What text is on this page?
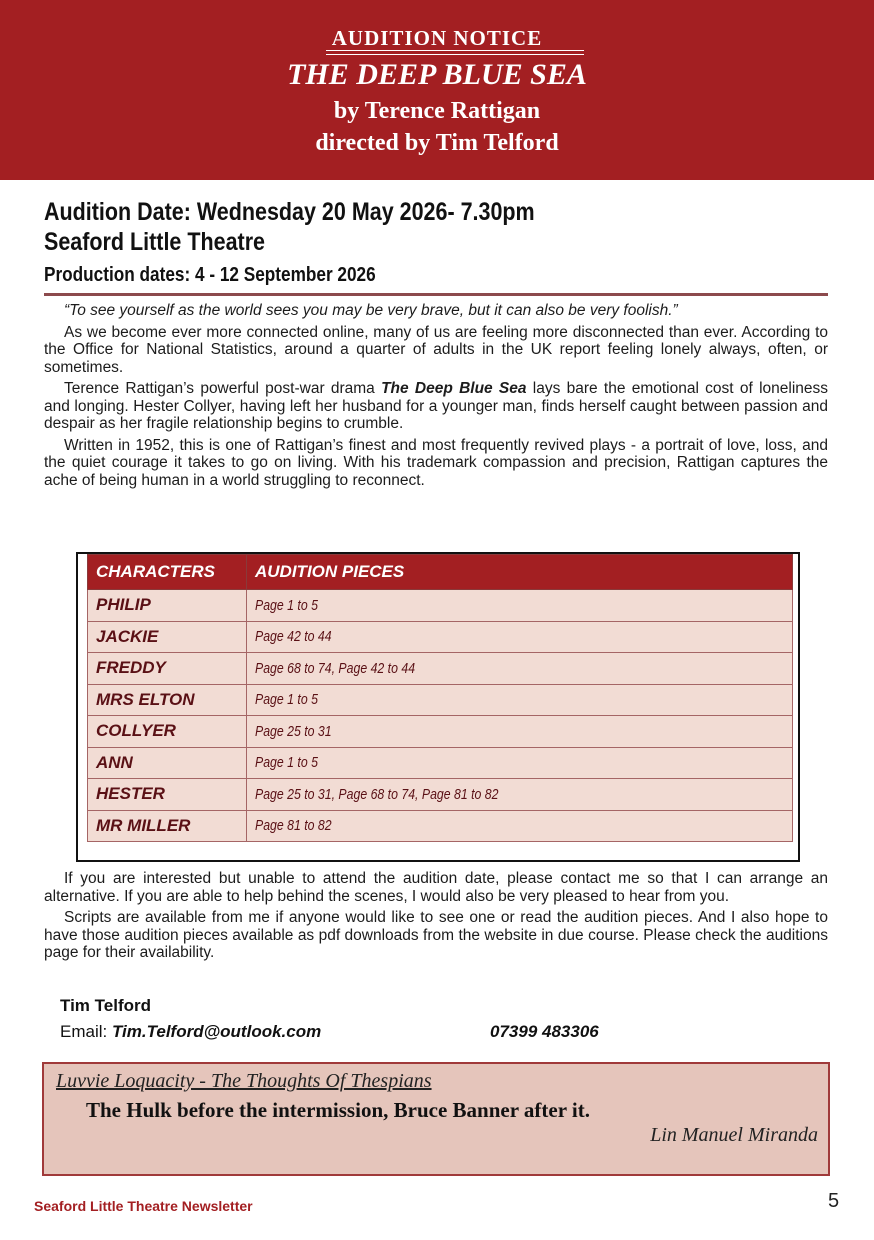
AUDITION NOTICE
THE DEEP BLUE SEA
by Terence Rattigan
directed by Tim Telford
Audition Date: Wednesday 20 May 2026- 7.30pm
Seaford Little Theatre
Production dates: 4 - 12 September 2026

“To see yourself as the world sees you may be very brave, but it can also be very foolish.”

As we become ever more connected online, many of us are feeling more disconnected than ever. According to the Office for National Statistics, around a quarter of adults in the UK report feeling lonely always, often, or sometimes.

Terence Rattigan’s powerful post-war drama The Deep Blue Sea lays bare the emotional cost of loneliness and longing. Hester Collyer, having left her husband for a younger man, finds herself caught between passion and despair as her fragile relationship begins to crumble.

Written in 1952, this is one of Rattigan’s finest and most frequently revived plays - a portrait of love, loss, and the quiet courage it takes to go on living. With his trademark compassion and precision, Rattigan captures the ache of being human in a world struggling to reconnect.

CHARACTERS	AUDITION PIECES
PHILIP	Page 1 to 5
JACKIE	Page 42 to 44
FREDDY	Page 68 to 74, Page 42 to 44
MRS ELTON	Page 1 to 5
COLLYER	Page 25 to 31
ANN	Page 1 to 5
HESTER	Page 25 to 31, Page 68 to 74, Page 81 to 82
MR MILLER	Page 81 to 82

If you are interested but unable to attend the audition date, please contact me so that I can arrange an alternative. If you are able to help behind the scenes, I would also be very pleased to hear from you.

Scripts are available from me if anyone would like to see one or read the audition pieces. And I also hope to have those audition pieces available as pdf downloads from the website in due course. Please check the auditions page for their availability.

Tim Telford
Email: Tim.Telford@outlook.com	07399 483306
Luvvie Loquacity - The Thoughts Of Thespians
The Hulk before the intermission, Bruce Banner after it.
Lin Manuel Miranda
Seaford Little Theatre Newsletter	5
